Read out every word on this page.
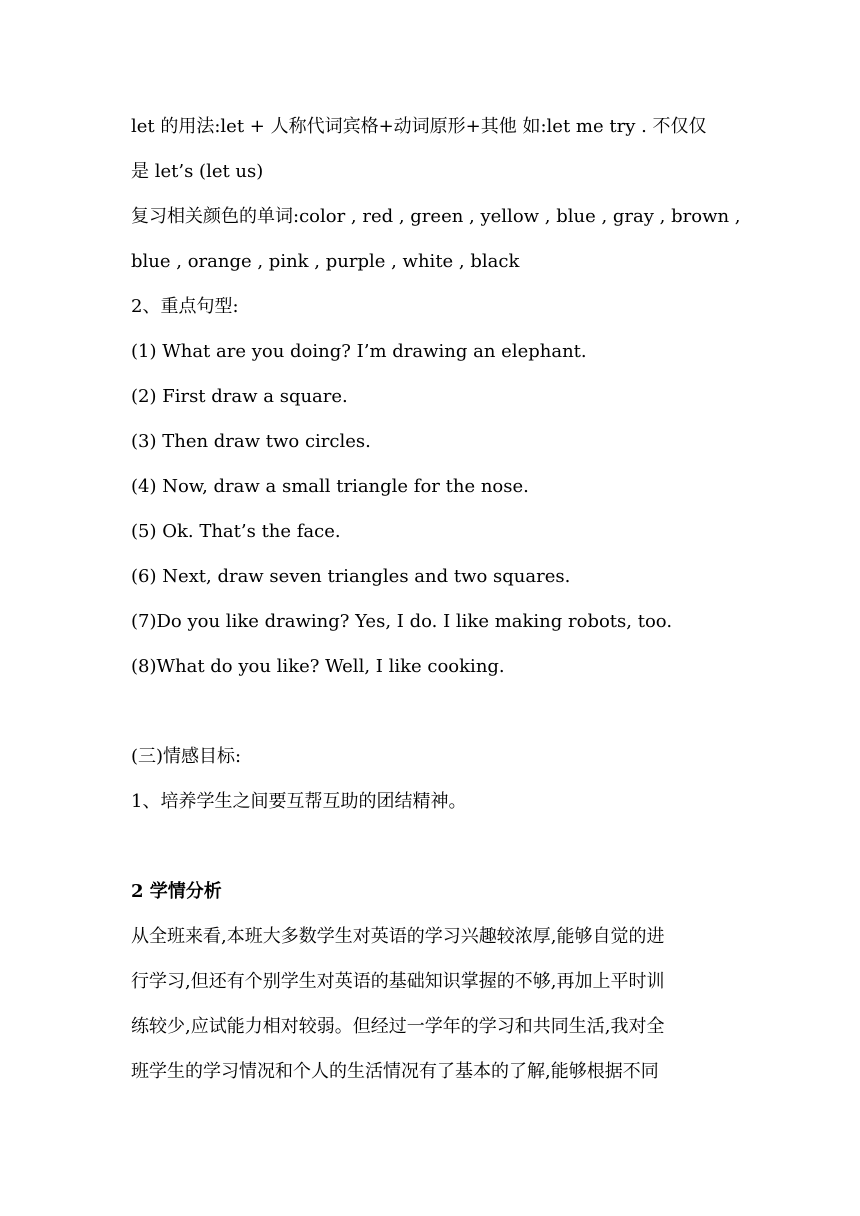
let 的用法:let + 人称代词宾格+动词原形+其他 如:let me try . 不仅仅

是 let’s (let us)

复习相关颜色的单词:color , red , green , yellow , blue , gray , brown ,

blue , orange , pink , purple , white , black

2、重点句型:

(1) What are you doing? I’m drawing an elephant.

(2) First draw a square.

(3) Then draw two circles.

(4) Now, draw a small triangle for the nose.

(5) Ok. That’s the face.

(6) Next, draw seven triangles and two squares.

(7)Do you like drawing? Yes, I do. I like making robots, too.

(8)What do you like? Well, I like cooking.

(三)情感目标:

1、培养学生之间要互帮互助的团结精神。

2 学情分析

从全班来看,本班大多数学生对英语的学习兴趣较浓厚,能够自觉的进

行学习,但还有个别学生对英语的基础知识掌握的不够,再加上平时训

练较少,应试能力相对较弱。但经过一学年的学习和共同生活,我对全

班学生的学习情况和个人的生活情况有了基本的了解,能够根据不同
